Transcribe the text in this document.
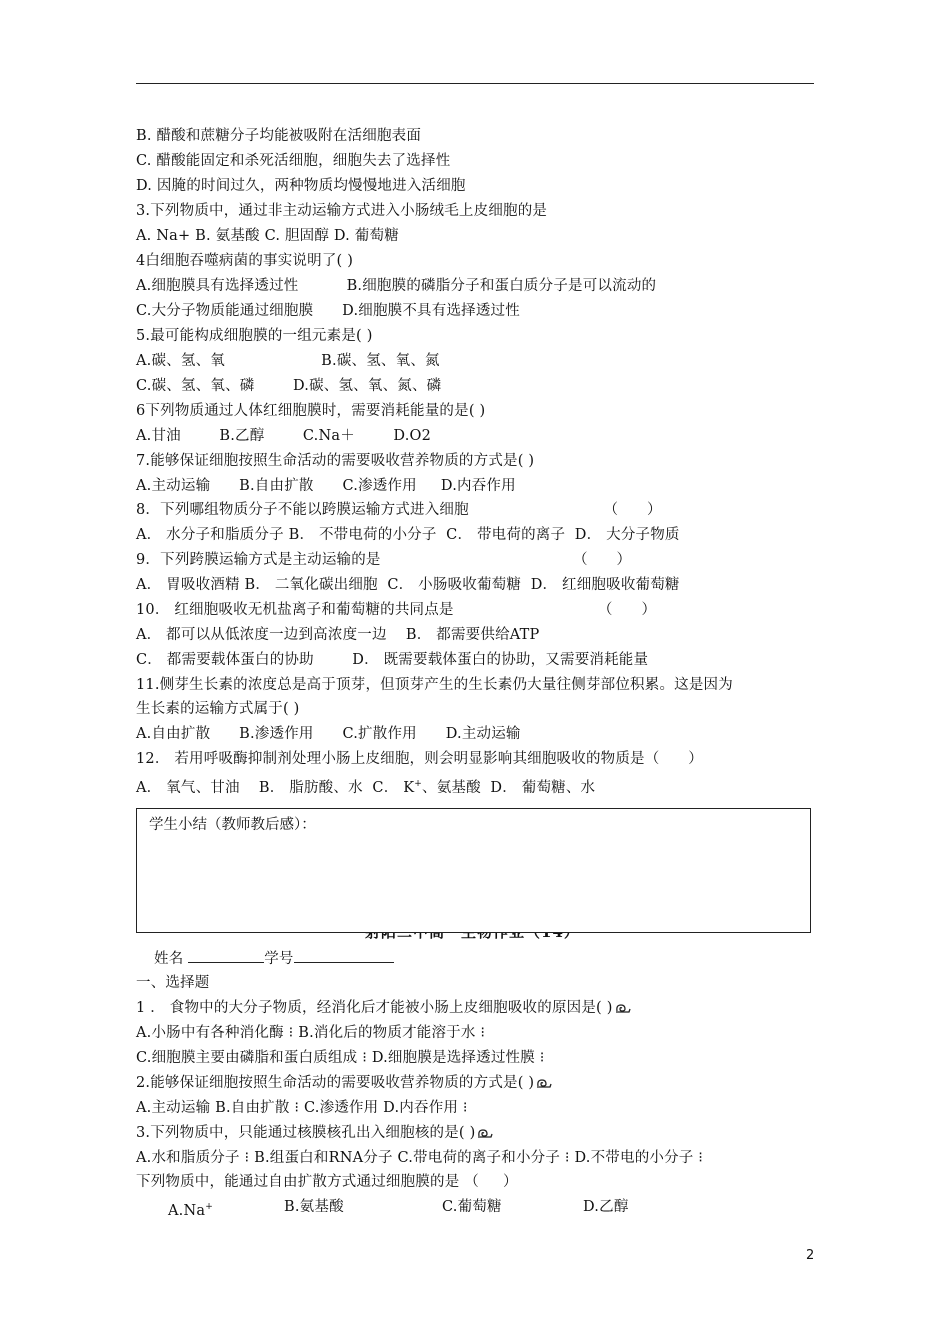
B. 醋酸和蔗糖分子均能被吸附在活细胞表面
C. 醋酸能固定和杀死活细胞，细胞失去了选择性
D. 因腌的时间过久，两种物质均慢慢地进入活细胞
3.下列物质中，通过非主动运输方式进入小肠绒毛上皮细胞的是
A. Na+ B. 氨基酸 C. 胆固醇 D. 葡萄糖
4白细胞吞噬病菌的事实说明了( )
A.细胞膜具有选择透过性          B.细胞膜的磷脂分子和蛋白质分子是可以流动的
C.大分子物质能通过细胞膜      D.细胞膜不具有选择透过性
5.最可能构成细胞膜的一组元素是( )
A.碳、氢、氧                    B.碳、氢、氧、氮
C.碳、氢、氧、磷        D.碳、氢、氧、氮、磷
6下列物质通过人体红细胞膜时，需要消耗能量的是( )
A.甘油        B.乙醇        C.Na＋        D.O2
7.能够保证细胞按照生命活动的需要吸收营养物质的方式是( )
A.主动运输      B.自由扩散      C.渗透作用     D.内吞作用
8．下列哪组物质分子不能以跨膜运输方式进入细胞                            （      ）
A． 水分子和脂质分子 B． 不带电荷的小分子  C． 带电荷的离子  D． 大分子物质
9．下列跨膜运输方式是主动运输的是                                        （      ）
A． 胃吸收酒精 B． 二氧化碳出细胞  C． 小肠吸收葡萄糖  D． 红细胞吸收葡萄糖
10． 红细胞吸收无机盐离子和葡萄糖的共同点是                              （      ）
A． 都可以从低浓度一边到高浓度一边    B． 都需要供给ATP
C． 都需要载体蛋白的协助        D． 既需要载体蛋白的协助，又需要消耗能量
11.侧芽生长素的浓度总是高于顶芽，但顶芽产生的生长素仍大量往侧芽部位积累。这是因为
生长素的运输方式属于( )
A.自由扩散      B.渗透作用      C.扩散作用      D.主动运输
12． 若用呼吸酶抑制剂处理小肠上皮细胞，则会明显影响其细胞吸收的物质是（      ）
A． 氧气、甘油    B． 脂肪酸、水  C． K+、氨基酸  D． 葡萄糖、水
学生小结（教师教后感）：
姓名	学号
一、选择题
1 ． 食物中的大分子物质，经消化后才能被小肠上皮细胞吸收的原因是( )
A.小肠中有各种消化酶 ⁝ B.消化后的物质才能溶于水 ⁝
C.细胞膜主要由磷脂和蛋白质组成 ⁝ D.细胞膜是选择透过性膜 ⁝
2.能够保证细胞按照生命活动的需要吸收营养物质的方式是( )
A.主动运输 B.自由扩散 ⁝ C.渗透作用 D.内吞作用 ⁝
3.下列物质中，只能通过核膜核孔出入细胞核的是( )
A.水和脂质分子 ⁝ B.组蛋白和RNA分子 C.带电荷的离子和小分子 ⁝ D.不带电的小分子 ⁝
下列物质中，能通过自由扩散方式通过细胞膜的是 （     ）
A.Na+	B.氨基酸	C.葡萄糖	D.乙醇
2
